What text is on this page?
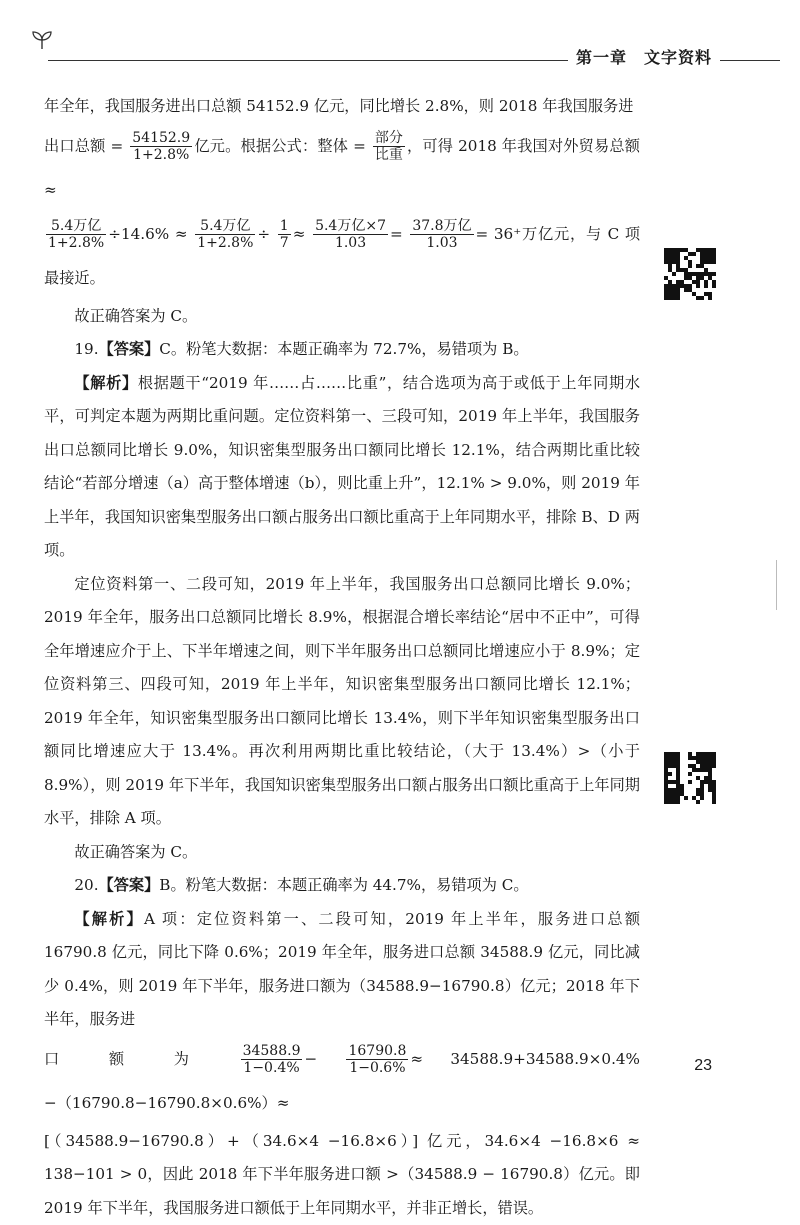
第一章　文字资料

年全年，我国服务进出口总额 54152.9 亿元，同比增长 2.8%，则 2018 年我国服务进

出口总额 = $\frac{54152.9}{1+2.8\%}$ 亿元。根据公式：整体 = $\frac{\text{部分}}{\text{比重}}$ ，可得 2018 年我国对外贸易总额≈

$\frac{\text{5.4万亿}}{1+2.8\%} \div 14.6\% \approx \frac{\text{5.4万亿}}{1+2.8\%} \div \frac{1}{7} \approx \frac{\text{5.4万亿×7}}{1.03} = \frac{\text{37.8万亿}}{1.03} = 36^+$万亿元，与 C 项最接近。

故正确答案为 C。

19.【答案】C。粉笔大数据：本题正确率为 72.7%，易错项为 B。

【解析】根据题干“2019 年……占……比重”，结合选项为高于或低于上年同期水平，可判定本题为两期比重问题。定位资料第一、三段可知，2019 年上半年，我国服务出口总额同比增长 9.0%，知识密集型服务出口额同比增长 12.1%，结合两期比重比较结论“若部分增速（a）高于整体增速（b），则比重上升”，12.1% > 9.0%，则 2019 年上半年，我国知识密集型服务出口额占服务出口额比重高于上年同期水平，排除 B、D 两项。

定位资料第一、二段可知，2019 年上半年，我国服务出口总额同比增长 9.0%；2019 年全年，服务出口总额同比增长 8.9%，根据混合增长率结论“居中不正中”，可得全年增速应介于上、下半年增速之间，则下半年服务出口总额同比增速应小于 8.9%；定位资料第三、四段可知，2019 年上半年，知识密集型服务出口额同比增长 12.1%；2019 年全年，知识密集型服务出口额同比增长 13.4%，则下半年知识密集型服务出口额同比增速应大于 13.4%。再次利用两期比重比较结论，（大于 13.4%）>（小于 8.9%），则 2019 年下半年，我国知识密集型服务出口额占服务出口额比重高于上年同期水平，排除 A 项。

故正确答案为 C。

20.【答案】B。粉笔大数据：本题正确率为 44.7%，易错项为 C。

【解析】A 项：定位资料第一、二段可知，2019 年上半年，服务进口总额 16790.8 亿元，同比下降 0.6%；2019 年全年，服务进口总额 34588.9 亿元，同比减少 0.4%，则 2019 年下半年，服务进口额为（34588.9−16790.8）亿元；2018 年下半年，服务进

口 额 为 $\frac{34588.9}{1-0.4\%} - \frac{16790.8}{1-0.6\%} \approx 34588.9+34588.9\times 0.4\% -(16790.8-16790.8\times 0.6\%)\approx$

[（34588.9−16790.8）+（34.6×4 −16.8×6）] 亿元，34.6×4 −16.8×6 ≈ 138−101 > 0，因此 2018 年下半年服务进口额 >（34588.9 − 16790.8）亿元。即 2019 年下半年，我国服务进口额低于上年同期水平，并非正增长，错误。

23
